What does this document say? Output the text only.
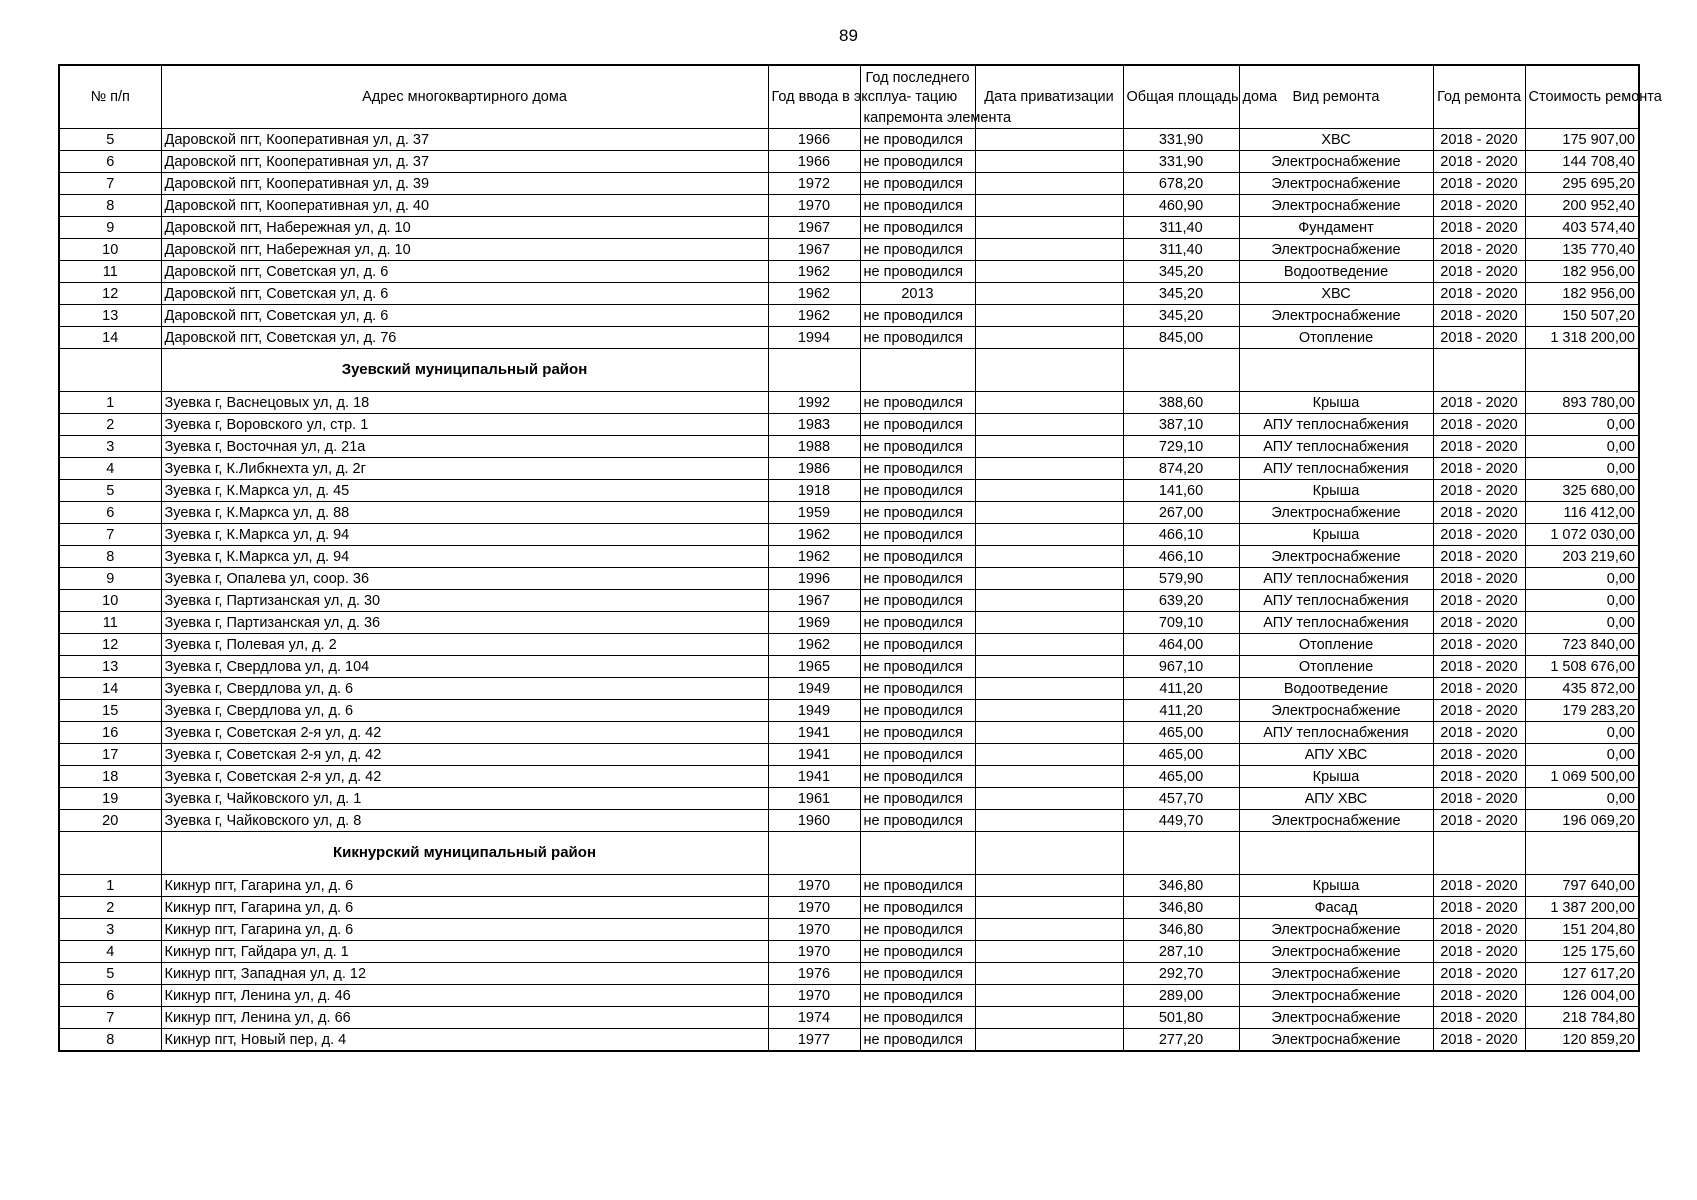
89
№ п/п	Адрес многоквартирного дома	Год ввода в эксплуа- тацию	Год последнего
капремонта элемента	Дата приватизации	Общая площадь дома	Вид ремонта	Год ремонта	Стоимость ремонта
5	Даровской пгт, Кооперативная ул, д. 37	1966	не проводился		331,90	ХВС	2018 - 2020	175 907,00
6	Даровской пгт, Кооперативная ул, д. 37	1966	не проводился		331,90	Электроснабжение	2018 - 2020	144 708,40
7	Даровской пгт, Кооперативная ул, д. 39	1972	не проводился		678,20	Электроснабжение	2018 - 2020	295 695,20
8	Даровской пгт, Кооперативная ул, д. 40	1970	не проводился		460,90	Электроснабжение	2018 - 2020	200 952,40
9	Даровской пгт, Набережная ул, д. 10	1967	не проводился		311,40	Фундамент	2018 - 2020	403 574,40
10	Даровской пгт, Набережная ул, д. 10	1967	не проводился		311,40	Электроснабжение	2018 - 2020	135 770,40
11	Даровской пгт, Советская ул, д. 6	1962	не проводился		345,20	Водоотведение	2018 - 2020	182 956,00
12	Даровской пгт, Советская ул, д. 6	1962	2013		345,20	ХВС	2018 - 2020	182 956,00
13	Даровской пгт, Советская ул, д. 6	1962	не проводился		345,20	Электроснабжение	2018 - 2020	150 507,20
14	Даровской пгт, Советская ул, д. 76	1994	не проводился		845,00	Отопление	2018 - 2020	1 318 200,00
	Зуевский муниципальный район							
1	Зуевка г, Васнецовых ул, д. 18	1992	не проводился		388,60	Крыша	2018 - 2020	893 780,00
2	Зуевка г, Воровского ул, стр. 1	1983	не проводился		387,10	АПУ теплоснабжения	2018 - 2020	0,00
3	Зуевка г, Восточная ул, д. 21а	1988	не проводился		729,10	АПУ теплоснабжения	2018 - 2020	0,00
4	Зуевка г, К.Либкнехта ул, д. 2г	1986	не проводился		874,20	АПУ теплоснабжения	2018 - 2020	0,00
5	Зуевка г, К.Маркса ул, д. 45	1918	не проводился		141,60	Крыша	2018 - 2020	325 680,00
6	Зуевка г, К.Маркса ул, д. 88	1959	не проводился		267,00	Электроснабжение	2018 - 2020	116 412,00
7	Зуевка г, К.Маркса ул, д. 94	1962	не проводился		466,10	Крыша	2018 - 2020	1 072 030,00
8	Зуевка г, К.Маркса ул, д. 94	1962	не проводился		466,10	Электроснабжение	2018 - 2020	203 219,60
9	Зуевка г, Опалева ул, соор. 36	1996	не проводился		579,90	АПУ теплоснабжения	2018 - 2020	0,00
10	Зуевка г, Партизанская ул, д. 30	1967	не проводился		639,20	АПУ теплоснабжения	2018 - 2020	0,00
11	Зуевка г, Партизанская ул, д. 36	1969	не проводился		709,10	АПУ теплоснабжения	2018 - 2020	0,00
12	Зуевка г, Полевая ул, д. 2	1962	не проводился		464,00	Отопление	2018 - 2020	723 840,00
13	Зуевка г, Свердлова ул, д. 104	1965	не проводился		967,10	Отопление	2018 - 2020	1 508 676,00
14	Зуевка г, Свердлова ул, д. 6	1949	не проводился		411,20	Водоотведение	2018 - 2020	435 872,00
15	Зуевка г, Свердлова ул, д. 6	1949	не проводился		411,20	Электроснабжение	2018 - 2020	179 283,20
16	Зуевка г, Советская 2-я ул, д. 42	1941	не проводился		465,00	АПУ теплоснабжения	2018 - 2020	0,00
17	Зуевка г, Советская 2-я ул, д. 42	1941	не проводился		465,00	АПУ ХВС	2018 - 2020	0,00
18	Зуевка г, Советская 2-я ул, д. 42	1941	не проводился		465,00	Крыша	2018 - 2020	1 069 500,00
19	Зуевка г, Чайковского ул, д. 1	1961	не проводился		457,70	АПУ ХВС	2018 - 2020	0,00
20	Зуевка г, Чайковского ул, д. 8	1960	не проводился		449,70	Электроснабжение	2018 - 2020	196 069,20
	Кикнурский муниципальный район							
1	Кикнур пгт, Гагарина ул, д. 6	1970	не проводился		346,80	Крыша	2018 - 2020	797 640,00
2	Кикнур пгт, Гагарина ул, д. 6	1970	не проводился		346,80	Фасад	2018 - 2020	1 387 200,00
3	Кикнур пгт, Гагарина ул, д. 6	1970	не проводился		346,80	Электроснабжение	2018 - 2020	151 204,80
4	Кикнур пгт, Гайдара ул, д. 1	1970	не проводился		287,10	Электроснабжение	2018 - 2020	125 175,60
5	Кикнур пгт, Западная ул, д. 12	1976	не проводился		292,70	Электроснабжение	2018 - 2020	127 617,20
6	Кикнур пгт, Ленина ул, д. 46	1970	не проводился		289,00	Электроснабжение	2018 - 2020	126 004,00
7	Кикнур пгт, Ленина ул, д. 66	1974	не проводился		501,80	Электроснабжение	2018 - 2020	218 784,80
8	Кикнур пгт, Новый пер, д. 4	1977	не проводился		277,20	Электроснабжение	2018 - 2020	120 859,20
